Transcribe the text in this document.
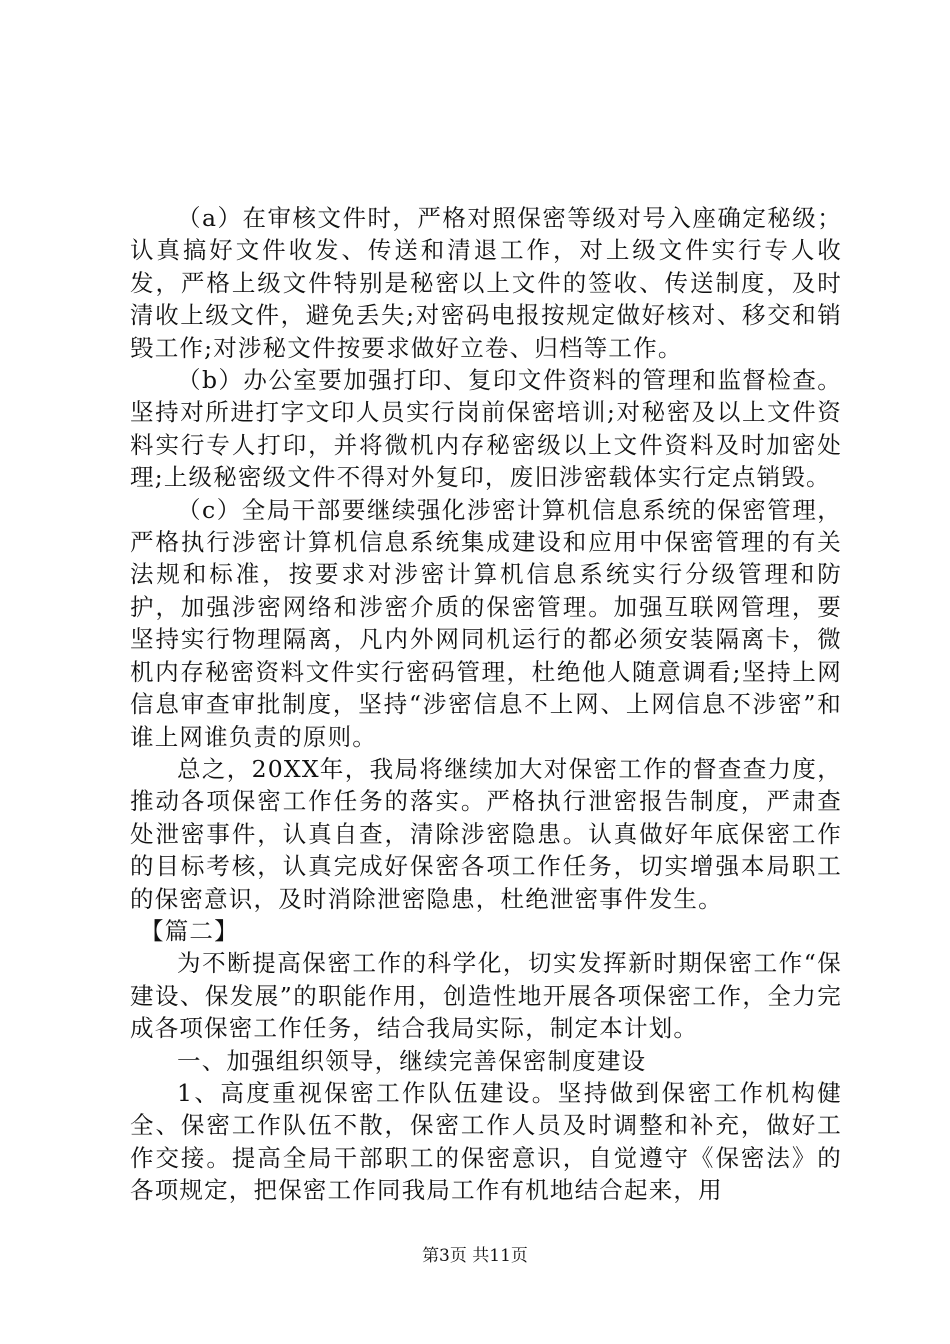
（a）在审核文件时，严格对照保密等级对号入座确定秘级；认真搞好文件收发、传送和清退工作，对上级文件实行专人收发，严格上级文件特别是秘密以上文件的签收、传送制度，及时清收上级文件，避免丢失;对密码电报按规定做好核对、移交和销毁工作;对涉秘文件按要求做好立卷、归档等工作。

（b）办公室要加强打印、复印文件资料的管理和监督检查。坚持对所进打字文印人员实行岗前保密培训;对秘密及以上文件资料实行专人打印，并将微机内存秘密级以上文件资料及时加密处理;上级秘密级文件不得对外复印，废旧涉密载体实行定点销毁。

（c）全局干部要继续强化涉密计算机信息系统的保密管理，严格执行涉密计算机信息系统集成建设和应用中保密管理的有关法规和标准，按要求对涉密计算机信息系统实行分级管理和防护，加强涉密网络和涉密介质的保密管理。加强互联网管理，要坚持实行物理隔离，凡内外网同机运行的都必须安装隔离卡，微机内存秘密资料文件实行密码管理，杜绝他人随意调看;坚持上网信息审查审批制度，坚持“涉密信息不上网、上网信息不涉密”和谁上网谁负责的原则。

总之，20XX年，我局将继续加大对保密工作的督查查力度，推动各项保密工作任务的落实。严格执行泄密报告制度，严肃查处泄密事件，认真自查，清除涉密隐患。认真做好年底保密工作的目标考核，认真完成好保密各项工作任务，切实增强本局职工的保密意识，及时消除泄密隐患，杜绝泄密事件发生。

【篇二】

为不断提高保密工作的科学化，切实发挥新时期保密工作“保建设、保发展”的职能作用，创造性地开展各项保密工作，全力完成各项保密工作任务，结合我局实际，制定本计划。

一、加强组织领导，继续完善保密制度建设

1、高度重视保密工作队伍建设。坚持做到保密工作机构健全、保密工作队伍不散，保密工作人员及时调整和补充，做好工作交接。提高全局干部职工的保密意识，自觉遵守《保密法》的各项规定，把保密工作同我局工作有机地结合起来，用

第3页 共11页
